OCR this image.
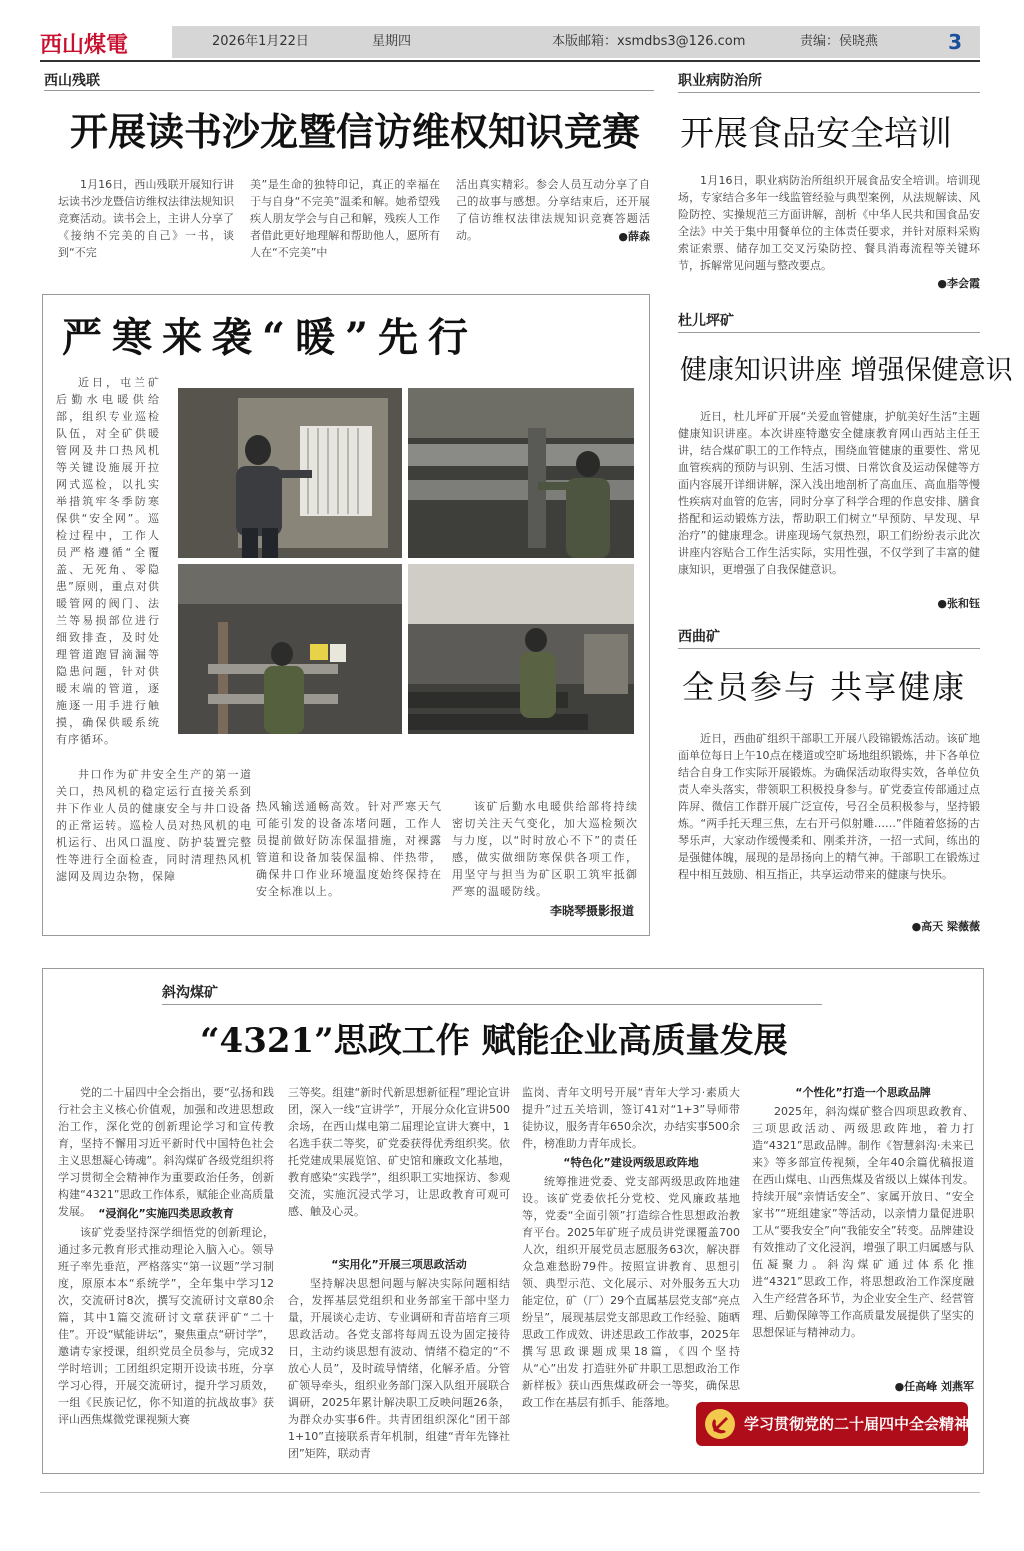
西山煤電	2026年1月22日	星期四	本版邮箱：xsmdbs3@126.com	责编：侯晓燕	3
西山残联
开展读书沙龙暨信访维权知识竞赛
1月16日，西山残联开展知行讲坛读书沙龙暨信访维权法律法规知识竞赛活动。读书会上，主讲人分享了《接纳不完美的自己》一书，谈到“不完
美”是生命的独特印记，真正的幸福在于与自身“不完美”温柔和解。她希望残疾人朋友学会与自己和解，残疾人工作者借此更好地理解和帮助他人，愿所有人在“不完美”中
活出真实精彩。参会人员互动分享了自己的故事与感想。分享结束后，还开展了信访维权法律法规知识竞赛答题活动。	●薛森
职业病防治所
开展食品安全培训
1月16日，职业病防治所组织开展食品安全培训。培训现场，专家结合多年一线监管经验与典型案例，从法规解读、风险防控、实操规范三方面讲解，剖析《中华人民共和国食品安全法》中关于集中用餐单位的主体责任要求，并针对原料采购索证索票、储存加工交叉污染防控、餐具消毒流程等关键环节，拆解常见问题与整改要点。
●李会霞
严寒来袭“暖”先行
近日，屯兰矿后勤水电暖供给部，组织专业巡检队伍，对全矿供暖管网及井口热风机等关键设施展开拉网式巡检，以扎实举措筑牢冬季防寒保供“安全网”。巡检过程中，工作人员严格遵循“全覆盖、无死角、零隐患”原则，重点对供暖管网的阀门、法兰等易损部位进行细致排查，及时处理管道跑冒滴漏等隐患问题，针对供暖末端的管道，逐施逐一用手进行触摸，确保供暖系统有序循环。
井口作为矿井安全生产的第一道关口，热风机的稳定运行直接关系到井下作业人员的健康安全与井口设备的正常运转。巡检人员对热风机的电机运行、出风口温度、防护装置完整性等进行全面检查，同时清理热风机滤网及周边杂物，保障
热风输送通畅高效。针对严寒天气可能引发的设备冻堵问题，工作人员提前做好防冻保温措施，对裸露管道和设备加装保温棉、伴热带，确保井口作业环境温度始终保持在安全标准以上。
该矿后勤水电暖供给部将持续密切关注天气变化，加大巡检频次与力度，以“时时放心不下”的责任感，做实做细防寒保供各项工作，用坚守与担当为矿区职工筑牢抵御严寒的温暖防线。
李晓琴摄影报道
杜儿坪矿
健康知识讲座 增强保健意识
近日，杜儿坪矿开展“关爱血管健康，护航美好生活”主题健康知识讲座。本次讲座特邀安全健康教育网山西站主任王讲，结合煤矿职工的工作特点，围绕血管健康的重要性、常见血管疾病的预防与识别、生活习惯、日常饮食及运动保健等方面内容展开详细讲解，深入浅出地剖析了高血压、高血脂等慢性疾病对血管的危害，同时分享了科学合理的作息安排、膳食搭配和运动锻炼方法，帮助职工们树立“早预防、早发现、早治疗”的健康理念。讲座现场气氛热烈，职工们纷纷表示此次讲座内容贴合工作生活实际，实用性强，不仅学到了丰富的健康知识，更增强了自我保健意识。
●张和钰
西曲矿
全员参与 共享健康
近日，西曲矿组织干部职工开展八段锦锻炼活动。该矿地面单位每日上午10点在楼道或空旷场地组织锻炼，井下各单位结合自身工作实际开展锻炼。为确保活动取得实效，各单位负责人牵头落实，带领职工积极投身参与。矿党委宣传部通过点阵屏、微信工作群开展广泛宣传，号召全员积极参与，坚持锻炼。“两手托天理三焦，左右开弓似射雕……”伴随着悠扬的古琴乐声，大家动作缓慢柔和、刚柔并济，一招一式间，练出的是强健体魄，展现的是昂扬向上的精气神。干部职工在锻炼过程中相互鼓励、相互指正，共享运动带来的健康与快乐。
●高天 梁薇薇
斜沟煤矿
“4321”思政工作 赋能企业高质量发展
党的二十届四中全会指出，要“弘扬和践行社会主义核心价值观，加强和改进思想政治工作，深化党的创新理论学习和宣传教育，坚持不懈用习近平新时代中国特色社会主义思想凝心铸魂”。斜沟煤矿各级党组织将学习贯彻全会精神作为重要政治任务，创新构建“4321”思政工作体系，赋能企业高质量发展。 “浸润化”实施四类思政教育
该矿党委坚持深学细悟党的创新理论，通过多元教育形式推动理论入脑入心。领导班子率先垂范，严格落实“第一议题”学习制度，原原本本“系统学”，全年集中学习12次，交流研讨8次，撰写交流研讨文章80余篇，其中1篇交流研讨文章获评矿“二十佳”。开设“赋能讲坛”，聚焦重点“研讨学”，邀请专家授课，组织党员全员参与，完成32学时培训；工团组织定期开设读书班，分享学习心得，开展交流研讨，提升学习质效，一组《民族记忆，你不知道的抗战故事》获评山西焦煤微党课视频大赛
三等奖。组建“新时代新思想新征程”理论宣讲团，深入一线“宣讲学”，开展分众化宣讲500余场，在西山煤电第二届理论宣讲大赛中，1名选手获二等奖，矿党委获得优秀组织奖。依托党建成果展览馆、矿史馆和廉政文化基地，教育感染“实践学”，组织职工实地探访、参观交流，实施沉浸式学习，让思政教育可观可感、触及心灵。
“实用化”开展三项思政活动
坚持解决思想问题与解决实际问题相结合，发挥基层党组织和业务部室干部中坚力量，开展谈心走访、专业调研和青苗培育三项思政活动。各党支部将每周五设为固定接待日，主动约谈思想有波动、情绪不稳定的“不放心人员”，及时疏导情绪，化解矛盾。分管矿领导牵头，组织业务部门深入队组开展联合调研，2025年累计解决职工反映问题26条，为群众办实事6件。共青团组织深化“团干部1+10”直接联系青年机制，组建“青年先锋社团”矩阵，联动青
监岗、青年文明号开展“青年大学习·素质大提升”过五关培训，签订41对“1+3”导师带徒协议，服务青年650余次，办结实事500余件，榜准助力青年成长。
“特色化”建设两级思政阵地
统筹推进党委、党支部两级思政阵地建设。该矿党委依托分党校、党风廉政基地等，党委“全面引领”打造综合性思想政治教育平台。2025年矿班子成员讲党课覆盖700人次，组织开展党员志愿服务63次，解决群众急难愁盼79件。按照宣讲教育、思想引领、典型示范、文化展示、对外服务五大功能定位，矿（厂）29个直属基层党支部“亮点纷呈”，展现基层党支部思政工作经验、随晒思政工作成效、讲述思政工作故事，2025年撰写思政课题成果18篇，《四个坚持 从“心”出发 打造驻外矿井职工思想政治工作新样板》获山西焦煤政研会一等奖，确保思政工作在基层有抓手、能落地。
“个性化”打造一个思政品牌
2025年，斜沟煤矿整合四项思政教育、三项思政活动、两级思政阵地，着力打造“4321”思政品牌。制作《智慧斜沟·未来已来》等多部宣传视频，全年40余篇优稿报道在西山煤电、山西焦煤及省级以上媒体刊发。持续开展“亲情话安全”、家属开放日、“安全家书”“班组建家”等活动，以亲情力量促进职工从“要我安全”向“我能安全”转变。品牌建设有效推动了文化浸润，增强了职工归属感与队伍凝聚力。斜沟煤矿通过体系化推进“4321”思政工作，将思想政治工作深度融入生产经营各环节，为企业安全生产、经营管理、后勤保障等工作高质量发展提供了坚实的思想保证与精神动力。
●任高峰 刘燕军
学习贯彻党的二十届四中全会精神
